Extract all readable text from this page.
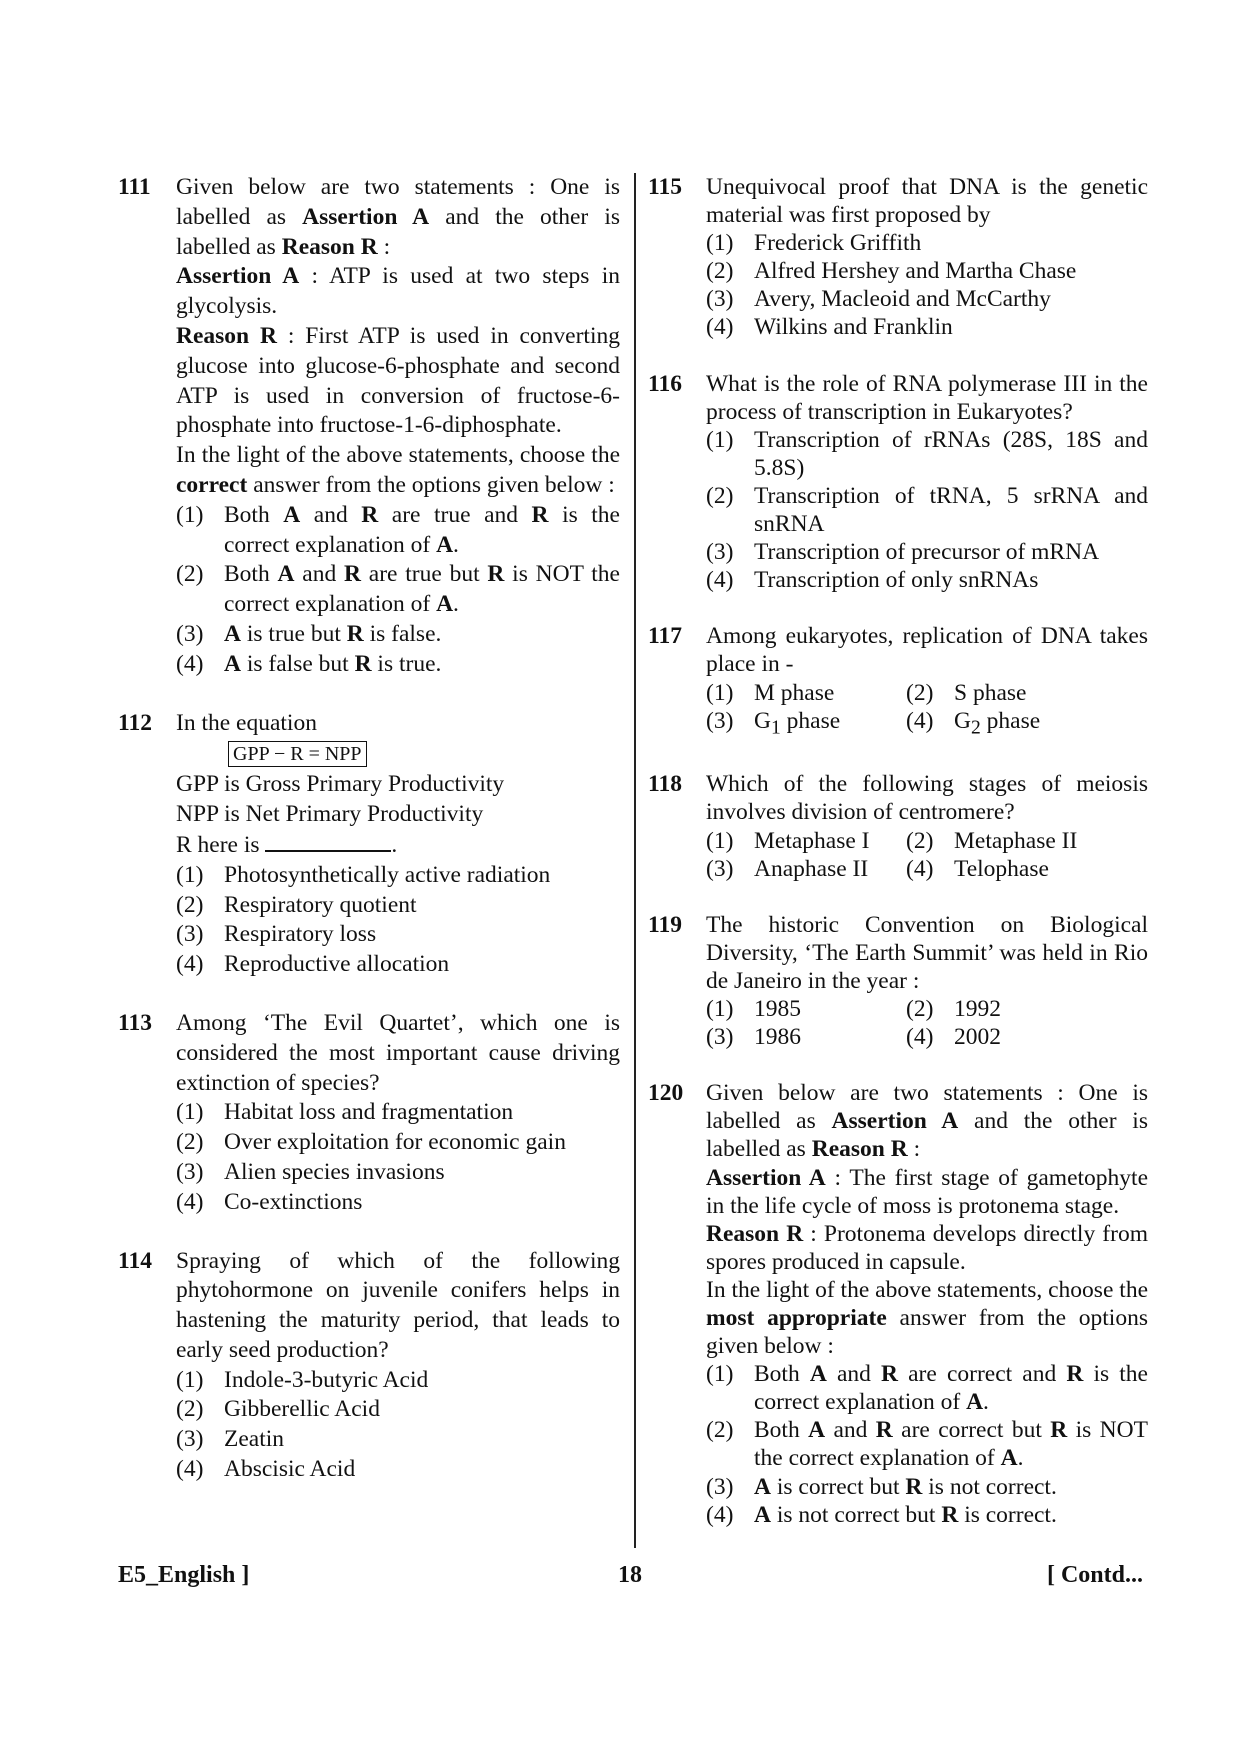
111 Given below are two statements : One is labelled as Assertion A and the other is labelled as Reason R :

Assertion A : ATP is used at two steps in glycolysis.

Reason R : First ATP is used in converting glucose into glucose-6-phosphate and second ATP is used in conversion of fructose-6-phosphate into fructose-1-6-diphosphate.

In the light of the above statements, choose the correct answer from the options given below :

(1) Both A and R are true and R is the correct explanation of A.
(2) Both A and R are true but R is NOT the correct explanation of A.
(3) A is true but R is false.
(4) A is false but R is true.
112 In the equation

GPP − R = NPP

GPP is Gross Primary Productivity

NPP is Net Primary Productivity

R here is	.

(1) Photosynthetically active radiation
(2) Respiratory quotient
(3) Respiratory loss
(4) Reproductive allocation
113 Among ‘The Evil Quartet’, which one is considered the most important cause driving extinction of species?

(1) Habitat loss and fragmentation
(2) Over exploitation for economic gain
(3) Alien species invasions
(4) Co-extinctions
114 Spraying of which of the following phytohormone on juvenile conifers helps in hastening the maturity period, that leads to early seed production?

(1) Indole-3-butyric Acid
(2) Gibberellic Acid
(3) Zeatin
(4) Abscisic Acid
115 Unequivocal proof that DNA is the genetic material was first proposed by

(1) Frederick Griffith
(2) Alfred Hershey and Martha Chase
(3) Avery, Macleoid and McCarthy
(4) Wilkins and Franklin
116 What is the role of RNA polymerase III in the process of transcription in Eukaryotes?

(1) Transcription of rRNAs (28S, 18S and 5.8S)
(2) Transcription of tRNA, 5 srRNA and snRNA
(3) Transcription of precursor of mRNA
(4) Transcription of only snRNAs
117 Among eukaryotes, replication of DNA takes place in -

(1) M phase	(2) S phase
(3) $G_1$ phase	(4) $G_2$ phase
118 Which of the following stages of meiosis involves division of centromere?

(1) Metaphase I	(2) Metaphase II
(3) Anaphase II	(4) Telophase
119 The historic Convention on Biological Diversity, ‘The Earth Summit’ was held in Rio de Janeiro in the year :

(1) 1985	(2) 1992
(3) 1986	(4) 2002
120 Given below are two statements : One is labelled as Assertion A and the other is labelled as Reason R :

Assertion A : The first stage of gametophyte in the life cycle of moss is protonema stage.

Reason R : Protonema develops directly from spores produced in capsule.

In the light of the above statements, choose the most appropriate answer from the options given below :

(1) Both A and R are correct and R is the correct explanation of A.
(2) Both A and R are correct but R is NOT the correct explanation of A.
(3) A is correct but R is not correct.
(4) A is not correct but R is correct.
E5_English ]	18	[ Contd...
